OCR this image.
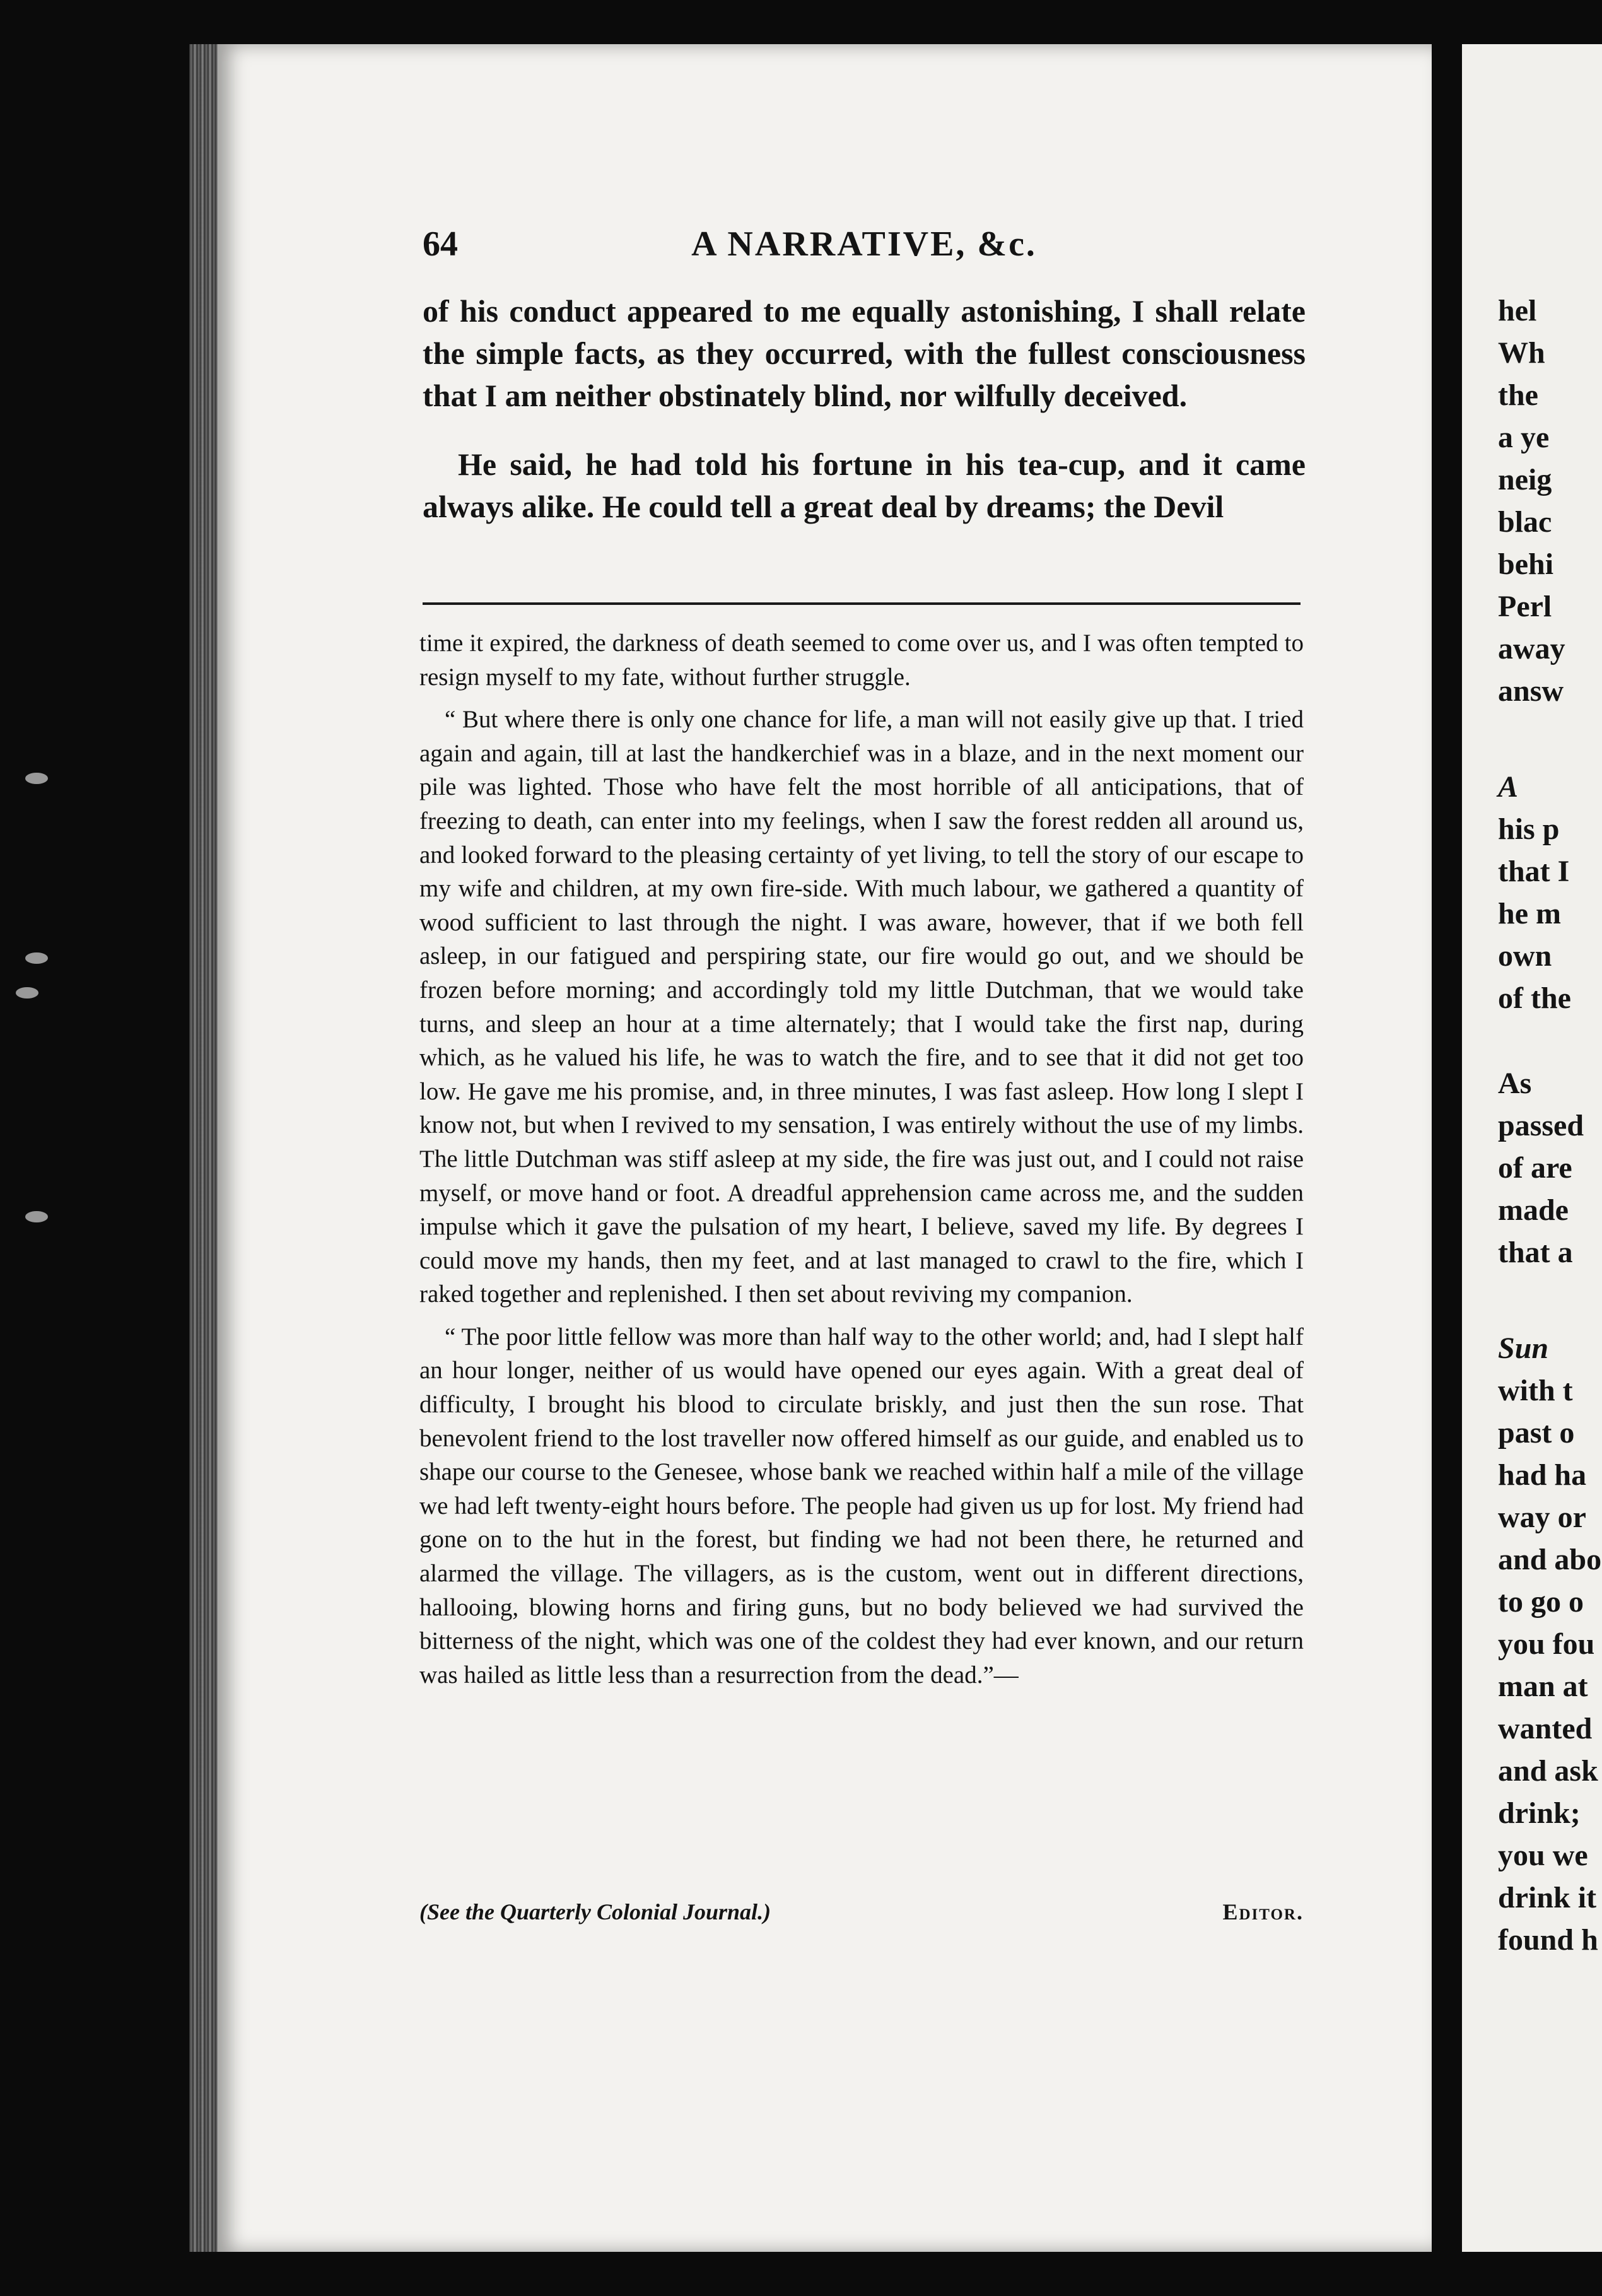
64	A NARRATIVE, &c.

of his conduct appeared to me equally astonishing, I shall relate the simple facts, as they occurred, with the fullest consciousness that I am neither obstinately blind, nor wilfully deceived.

He said, he had told his fortune in his tea-cup, and it came always alike. He could tell a great deal by dreams; the Devil

time it expired, the darkness of death seemed to come over us, and I was often tempted to resign myself to my fate, without further struggle.

“ But where there is only one chance for life, a man will not easily give up that. I tried again and again, till at last the handkerchief was in a blaze, and in the next moment our pile was lighted. Those who have felt the most horrible of all anticipations, that of freezing to death, can enter into my feelings, when I saw the forest redden all around us, and looked forward to the pleasing certainty of yet living, to tell the story of our escape to my wife and children, at my own fire-side. With much labour, we gathered a quantity of wood sufficient to last through the night. I was aware, however, that if we both fell asleep, in our fatigued and perspiring state, our fire would go out, and we should be frozen before morning; and accordingly told my little Dutchman, that we would take turns, and sleep an hour at a time alternately; that I would take the first nap, during which, as he valued his life, he was to watch the fire, and to see that it did not get too low. He gave me his promise, and, in three minutes, I was fast asleep. How long I slept I know not, but when I revived to my sensation, I was entirely without the use of my limbs. The little Dutchman was stiff asleep at my side, the fire was just out, and I could not raise myself, or move hand or foot. A dreadful apprehension came across me, and the sudden impulse which it gave the pulsation of my heart, I believe, saved my life. By degrees I could move my hands, then my feet, and at last managed to crawl to the fire, which I raked together and replenished. I then set about reviving my companion.

“ The poor little fellow was more than half way to the other world; and, had I slept half an hour longer, neither of us would have opened our eyes again. With a great deal of difficulty, I brought his blood to circulate briskly, and just then the sun rose. That benevolent friend to the lost traveller now offered himself as our guide, and enabled us to shape our course to the Genesee, whose bank we reached within half a mile of the village we had left twenty-eight hours before. The people had given us up for lost. My friend had gone on to the hut in the forest, but finding we had not been there, he returned and alarmed the village. The villagers, as is the custom, went out in different directions, hallooing, blowing horns and firing guns, but no body believed we had survived the bitterness of the night, which was one of the coldest they had ever known, and our return was hailed as little less than a resurrection from the dead.”—

(See the Quarterly Colonial Journal.)	Editor.
hel
Wh
the
a ye
neig
blac
behi
Perl
away
answ
A
his p
that I
he m
own
of the
As
passed
of are
made
that a
Sun
with t
past o
had ha
way or
and abo
to go o
you fou
man at
wanted
and ask
drink;
you we
drink it
found h
